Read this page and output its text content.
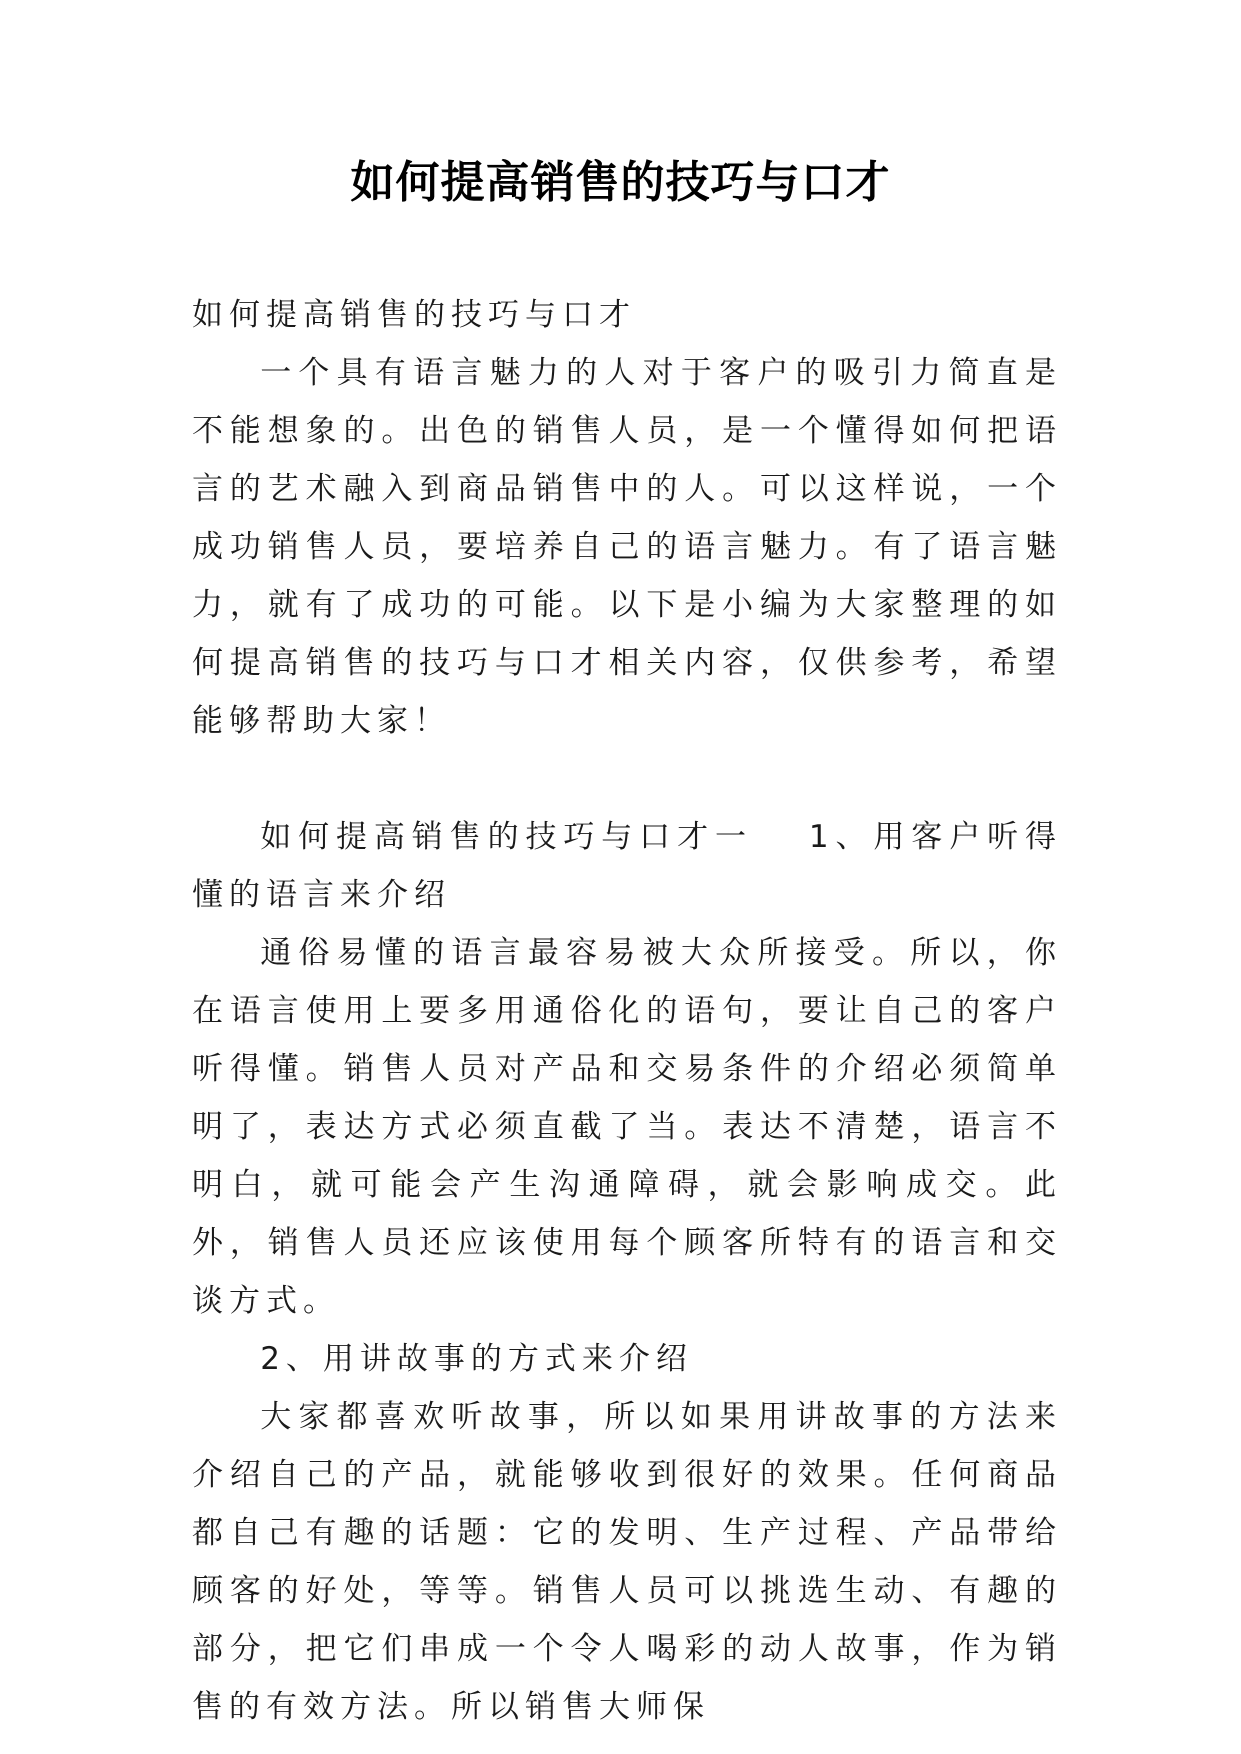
如何提高销售的技巧与口才

如何提高销售的技巧与口才

一个具有语言魅力的人对于客户的吸引力简直是不能想象的。出色的销售人员，是一个懂得如何把语言的艺术融入到商品销售中的人。可以这样说，一个成功销售人员，要培养自己的语言魅力。有了语言魅力，就有了成功的可能。以下是小编为大家整理的如何提高销售的技巧与口才相关内容，仅供参考，希望能够帮助大家！

如何提高销售的技巧与口才一 1、用客户听得懂的语言来介绍

通俗易懂的语言最容易被大众所接受。所以，你在语言使用上要多用通俗化的语句，要让自己的客户听得懂。销售人员对产品和交易条件的介绍必须简单明了，表达方式必须直截了当。表达不清楚，语言不明白，就可能会产生沟通障碍，就会影响成交。此外，销售人员还应该使用每个顾客所特有的语言和交谈方式。

2、用讲故事的方式来介绍

大家都喜欢听故事，所以如果用讲故事的方法来介绍自己的产品，就能够收到很好的效果。任何商品都自己有趣的话题：它的发明、生产过程、产品带给顾客的好处，等等。销售人员可以挑选生动、有趣的部分，把它们串成一个令人喝彩的动人故事，作为销售的有效方法。所以销售大师保
